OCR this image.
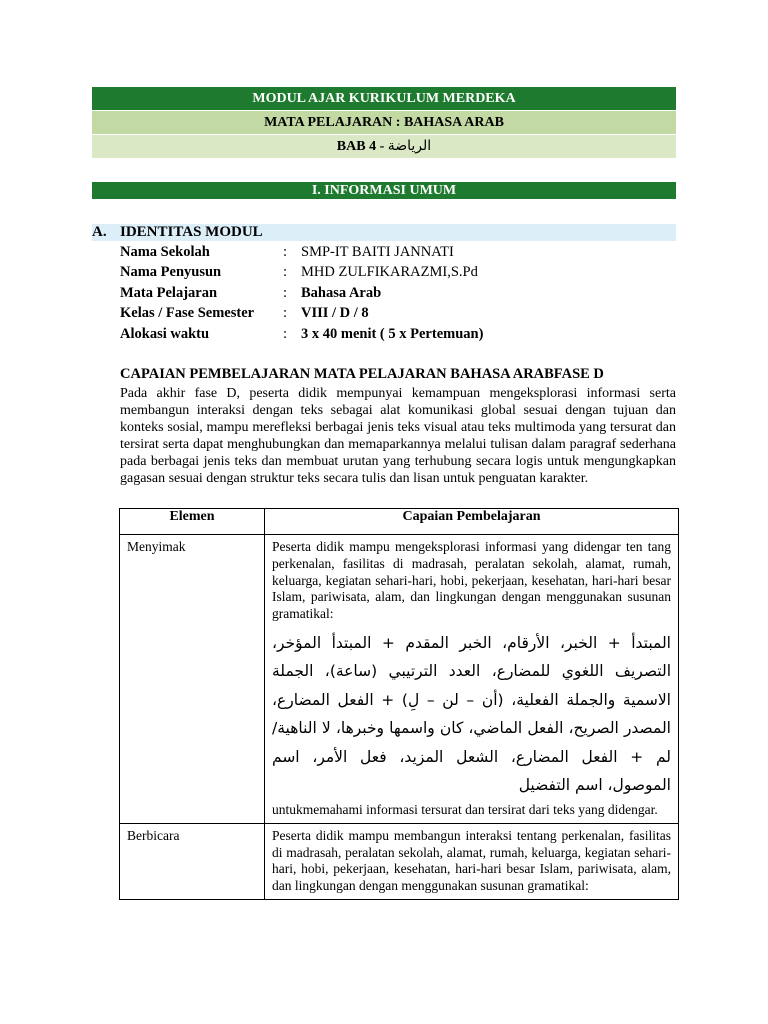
MODUL AJAR KURIKULUM MERDEKA
MATA PELAJARAN : BAHASA ARAB
BAB 4 - الرياضة
I. INFORMASI UMUM
A. IDENTITAS MODUL
Nama Sekolah	: SMP-IT BAITI JANNATI
Nama Penyusun	: MHD ZULFIKARAZMI,S.Pd
Mata Pelajaran	: Bahasa Arab
Kelas / Fase Semester : VIII / D / 8
Alokasi waktu	: 3 x 40 menit ( 5 x Pertemuan)
CAPAIAN PEMBELAJARAN MATA PELAJARAN BAHASA ARABFASE D
Pada akhir fase D, peserta didik mempunyai kemampuan mengeksplorasi informasi serta membangun interaksi dengan teks sebagai alat komunikasi global sesuai dengan tujuan dan konteks sosial, mampu merefleksi berbagai jenis teks visual atau teks multimoda yang tersurat dan tersirat serta dapat menghubungkan dan memaparkannya melalui tulisan dalam paragraf sederhana pada berbagai jenis teks dan membuat urutan yang terhubung secara logis untuk mengungkapkan gagasan sesuai dengan struktur teks secara tulis dan lisan untuk penguatan karakter.
Elemen	Capaian Pembelajaran
Menyimak	Peserta didik mampu mengeksplorasi informasi yang didengar ten tang perkenalan, fasilitas di madrasah, peralatan sekolah, alamat, rumah, keluarga, kegiatan sehari-hari, hobi, pekerjaan, kesehatan, hari-hari besar Islam, pariwisata, alam, dan lingkungan dengan menggunakan susunan gramatikal:
المبتدأ + الخبر، الأرقام، الخبر المقدم + المبتدأ المؤخر، التصريف اللغوي للمضارع، العدد الترتيبي (ساعة)، الجملة الاسمية والجملة الفعلية، (أن – لن – لِ) + الفعل المضارع، المصدر الصريح، الفعل الماضي، كان واسمها وخبرها، لا الناهية/لم + الفعل المضارع، الشعل المزيد، فعل الأمر، اسم الموصول، اسم التفضيل
untukmemahami informasi tersurat dan tersirat dari teks yang didengar.

Berbicara	Peserta didik mampu membangun interaksi tentang perkenalan, fasilitas di madrasah, peralatan sekolah, alamat, rumah, keluarga, kegiatan sehari-hari, hobi, pekerjaan, kesehatan, hari-hari besar Islam, pariwisata, alam, dan lingkungan dengan menggunakan susunan gramatikal:
